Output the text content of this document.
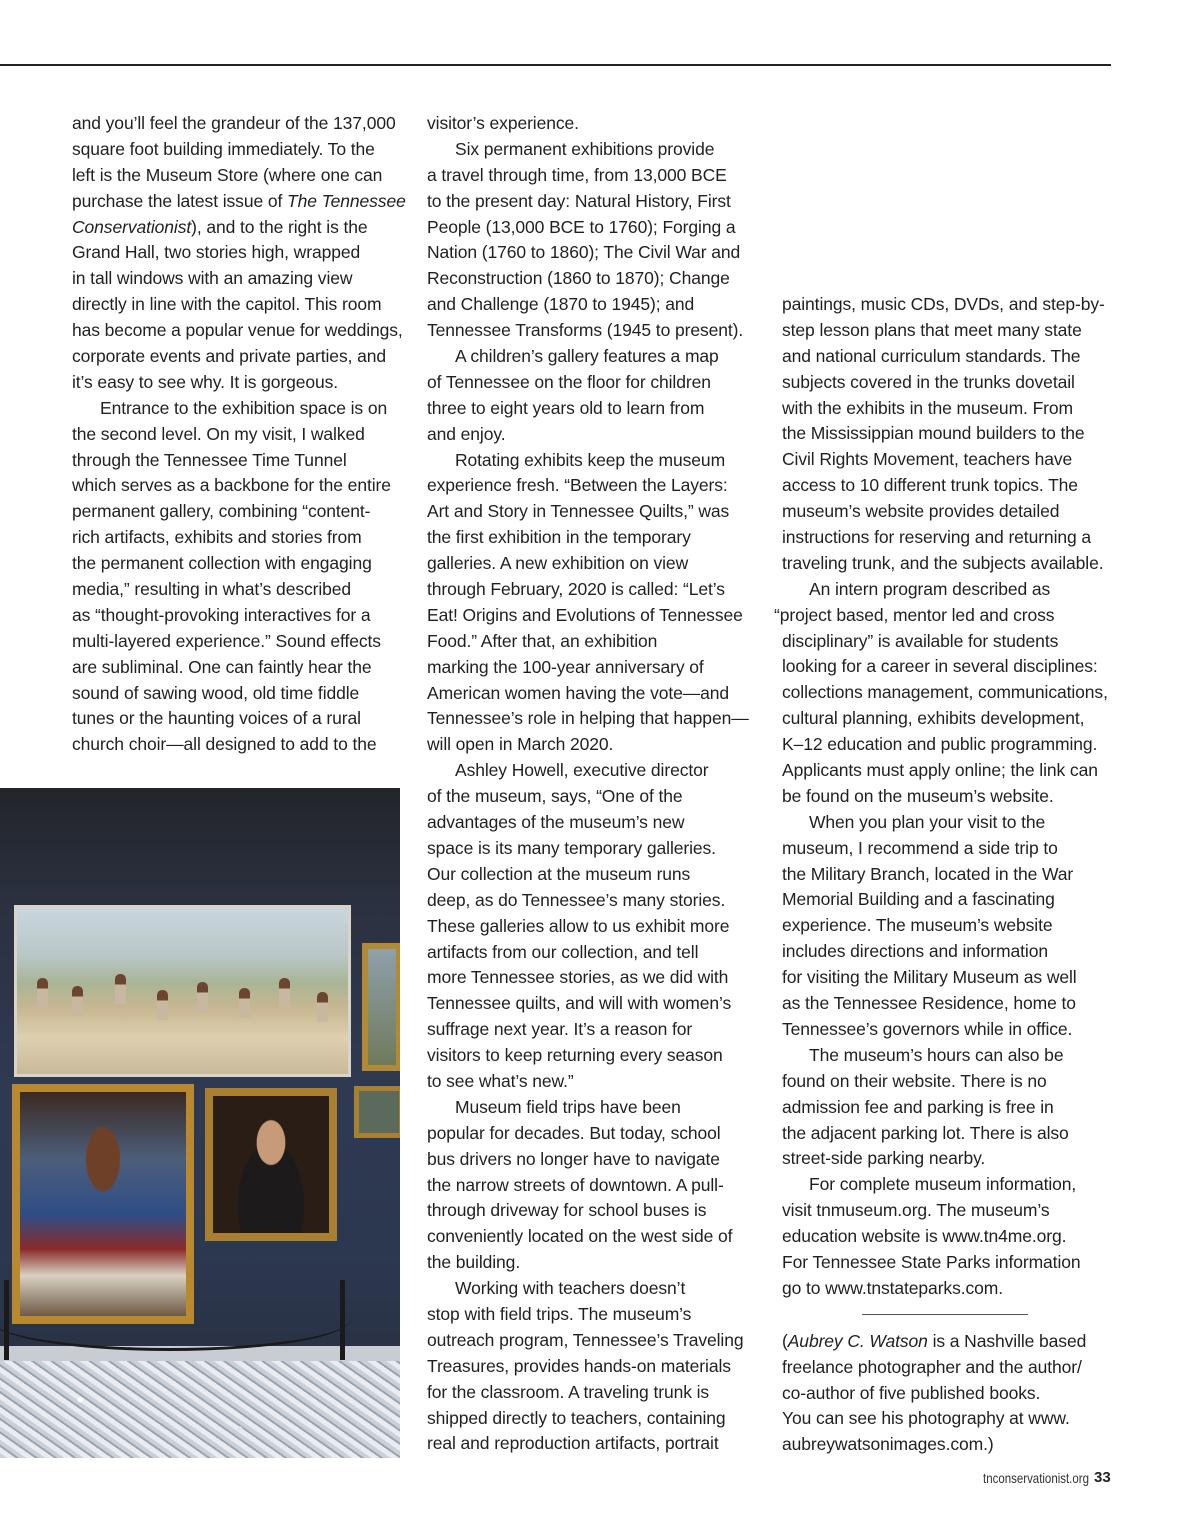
and you’ll feel the grandeur of the 137,000
square foot building immediately. To the
left is the Museum Store (where one can
purchase the latest issue of The Tennessee
Conservationist), and to the right is the
Grand Hall, two stories high, wrapped
in tall windows with an amazing view
directly in line with the capitol. This room
has become a popular venue for weddings,
corporate events and private parties, and
it’s easy to see why. It is gorgeous.
Entrance to the exhibition space is on
the second level. On my visit, I walked
through the Tennessee Time Tunnel
which serves as a backbone for the entire
permanent gallery, combining “content-
rich artifacts, exhibits and stories from
the permanent collection with engaging
media,” resulting in what’s described
as “thought-provoking interactives for a
multi-layered experience.” Sound effects
are subliminal. One can faintly hear the
sound of sawing wood, old time fiddle
tunes or the haunting voices of a rural
church choir—all designed to add to the
visitor’s experience.
Six permanent exhibitions provide
a travel through time, from 13,000 BCE
to the present day: Natural History, First
People (13,000 BCE to 1760); Forging a
Nation (1760 to 1860); The Civil War and
Reconstruction (1860 to 1870); Change
and Challenge (1870 to 1945); and
Tennessee Transforms (1945 to present).
A children’s gallery features a map
of Tennessee on the floor for children
three to eight years old to learn from
and enjoy.
Rotating exhibits keep the museum
experience fresh. “Between the Layers:
Art and Story in Tennessee Quilts,” was
the first exhibition in the temporary
galleries. A new exhibition on view
through February, 2020 is called: “Let’s
Eat! Origins and Evolutions of Tennessee
Food.” After that, an exhibition
marking the 100-year anniversary of
American women having the vote—and
Tennessee’s role in helping that happen—
will open in March 2020.
Ashley Howell, executive director
of the museum, says, “One of the
advantages of the museum’s new
space is its many temporary galleries.
Our collection at the museum runs
deep, as do Tennessee’s many stories.
These galleries allow to us exhibit more
artifacts from our collection, and tell
more Tennessee stories, as we did with
Tennessee quilts, and will with women’s
suffrage next year. It’s a reason for
visitors to keep returning every season
to see what’s new.”
Museum field trips have been
popular for decades. But today, school
bus drivers no longer have to navigate
the narrow streets of downtown. A pull-
through driveway for school buses is
conveniently located on the west side of
the building.
Working with teachers doesn’t
stop with field trips. The museum’s
outreach program, Tennessee’s Traveling
Treasures, provides hands-on materials
for the classroom. A traveling trunk is
shipped directly to teachers, containing
real and reproduction artifacts, portrait
paintings, music CDs, DVDs, and step-by-
step lesson plans that meet many state
and national curriculum standards. The
subjects covered in the trunks dovetail
with the exhibits in the museum. From
the Mississippian mound builders to the
Civil Rights Movement, teachers have
access to 10 different trunk topics. The
museum’s website provides detailed
instructions for reserving and returning a
traveling trunk, and the subjects available.
An intern program described as
“project based, mentor led and cross
disciplinary” is available for students
looking for a career in several disciplines:
collections management, communications,
cultural planning, exhibits development,
K–12 education and public programming.
Applicants must apply online; the link can
be found on the museum’s website.
When you plan your visit to the
museum, I recommend a side trip to
the Military Branch, located in the War
Memorial Building and a fascinating
experience. The museum’s website
includes directions and information
for visiting the Military Museum as well
as the Tennessee Residence, home to
Tennessee’s governors while in office.
The museum’s hours can also be
found on their website. There is no
admission fee and parking is free in
the adjacent parking lot. There is also
street-side parking nearby.
For complete museum information,
visit tnmuseum.org. The museum’s
education website is www.tn4me.org.
For Tennessee State Parks information
go to www.tnstateparks.com.
(Aubrey C. Watson is a Nashville based
freelance photographer and the author/
co-author of five published books.
You can see his photography at www.
aubreywatsonimages.com.)
tnconservationist.org 33
